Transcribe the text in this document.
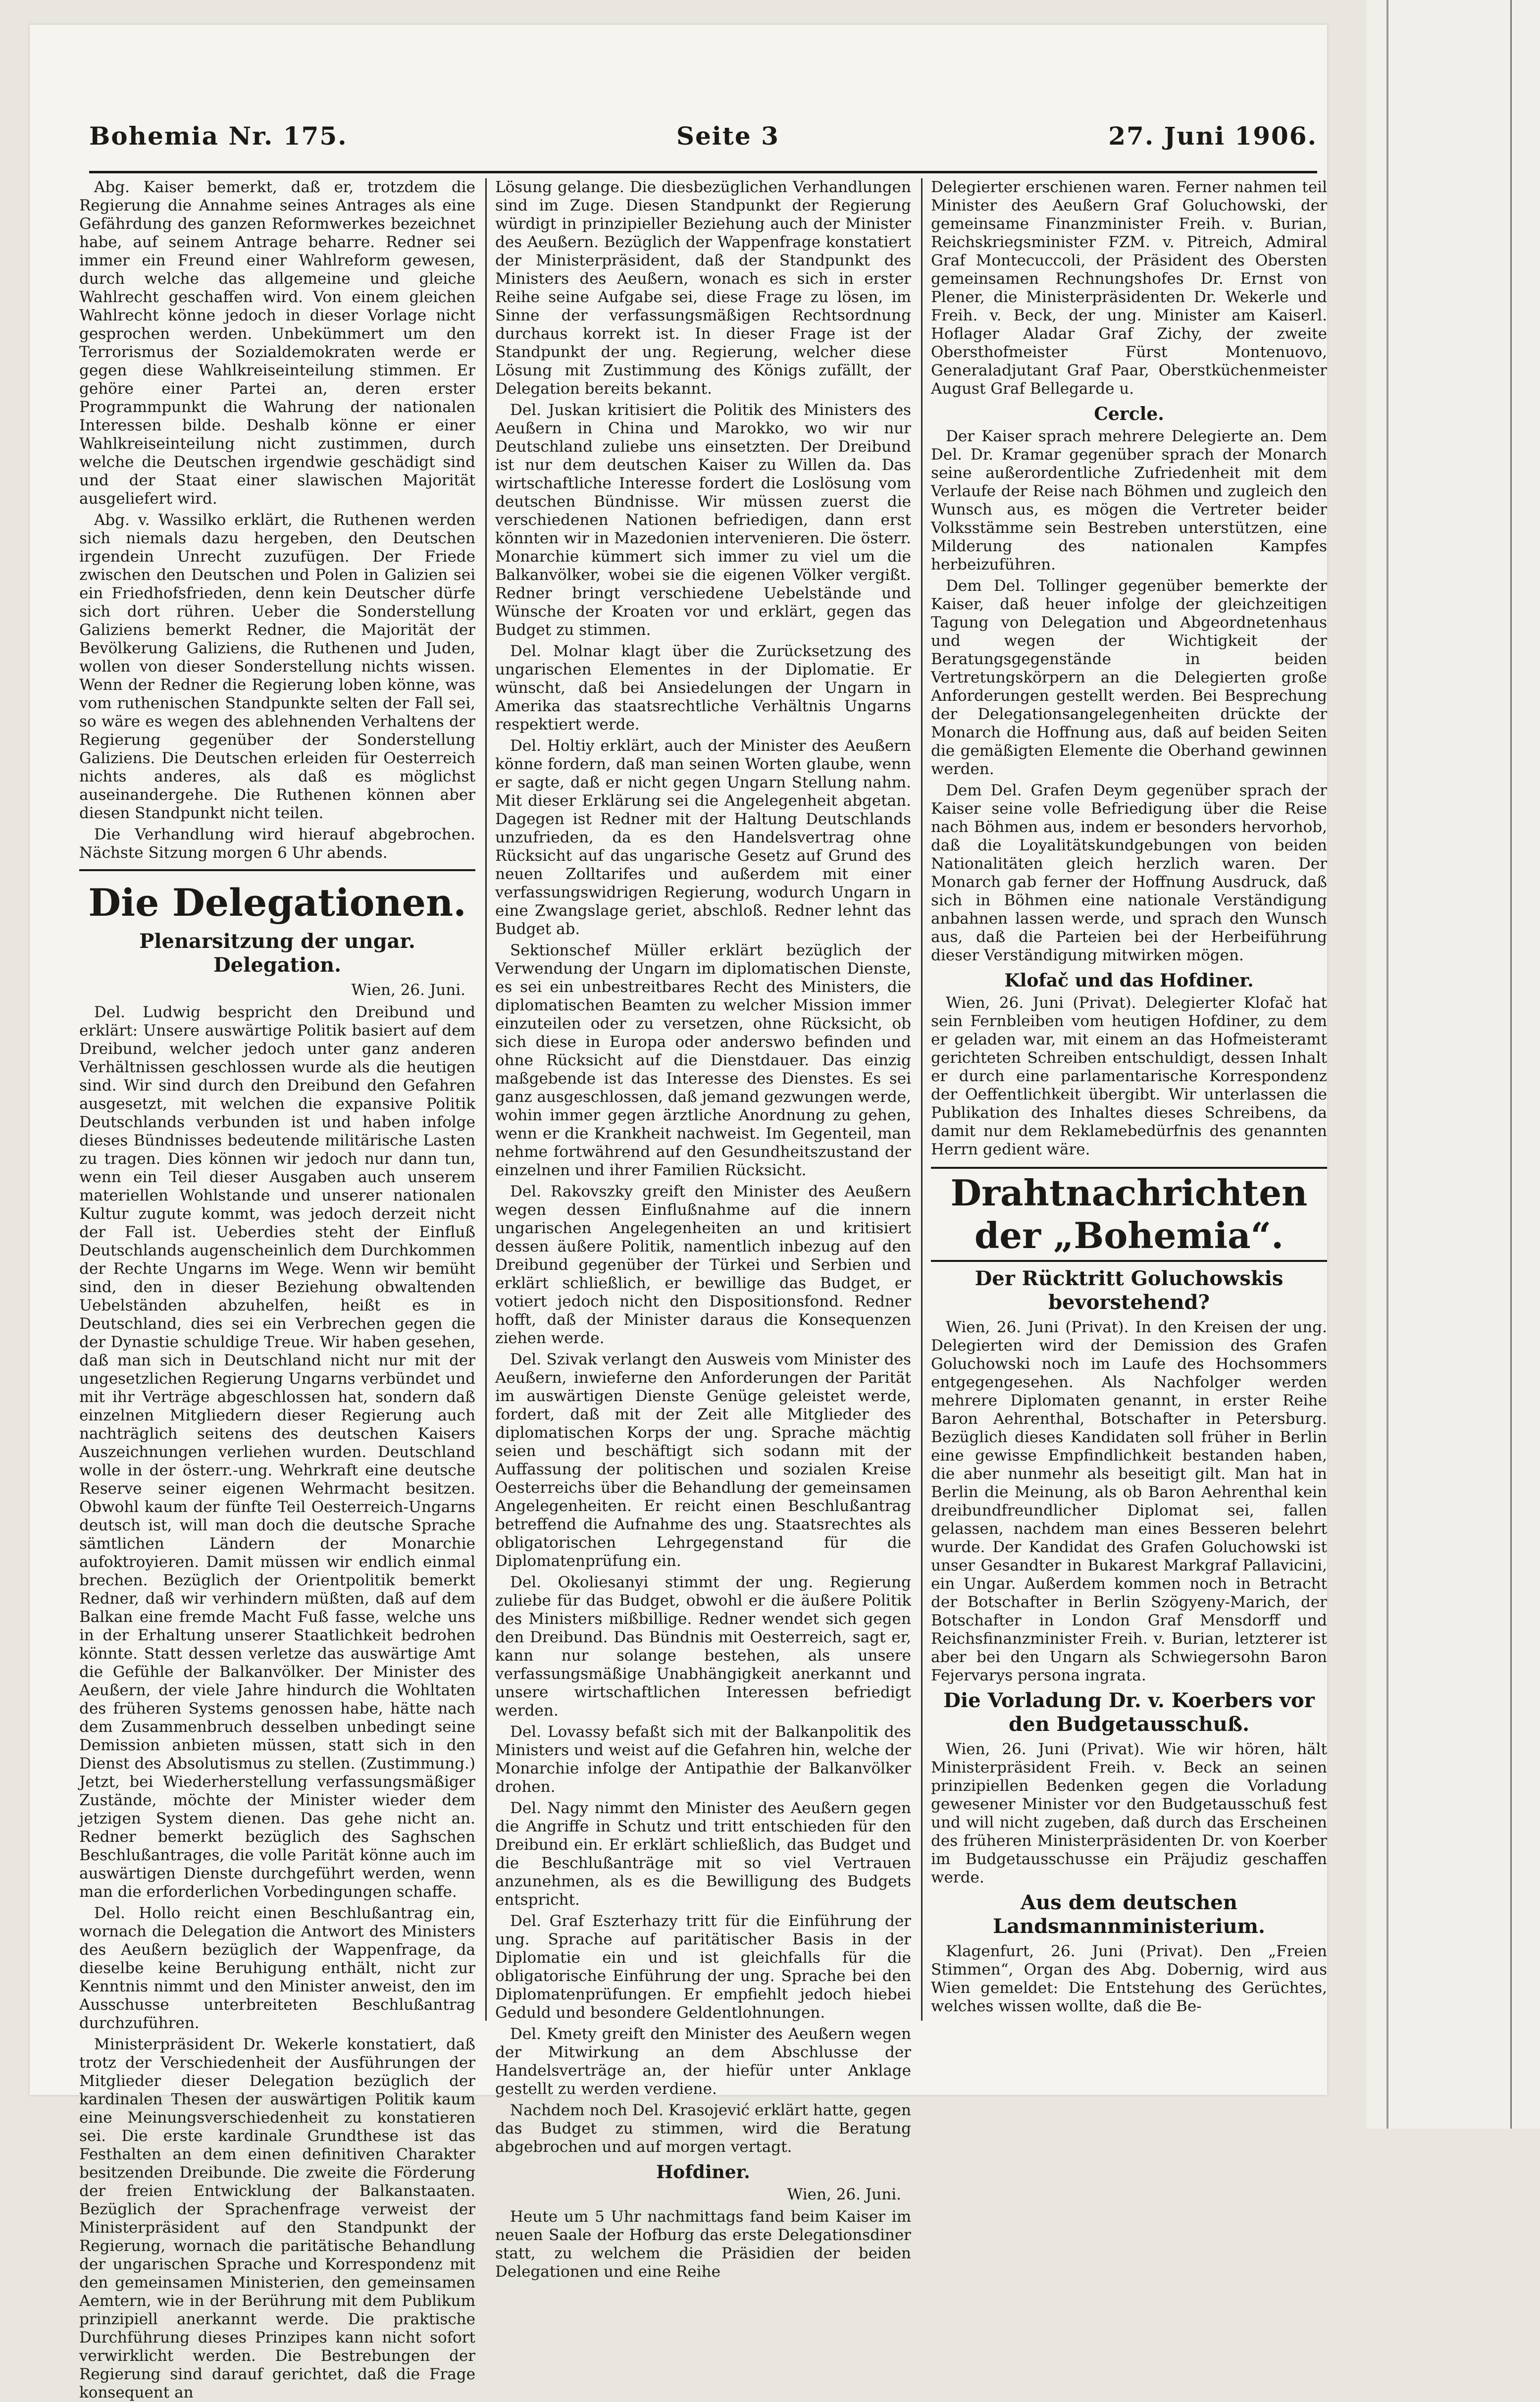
Bohemia Nr. 175.	Seite 3	27. Juni 1906.

Abg. Kaiser bemerkt, daß er, trotzdem die Regierung die Annahme seines Antrages als eine Gefährdung des ganzen Reformwerkes bezeichnet habe, auf seinem Antrage beharre. Redner sei immer ein Freund einer Wahlreform gewesen, durch welche das allgemeine und gleiche Wahlrecht geschaffen wird. Von einem gleichen Wahlrecht könne jedoch in dieser Vorlage nicht gesprochen werden. Unbekümmert um den Terrorismus der Sozialdemokraten werde er gegen diese Wahlkreiseinteilung stimmen. Er gehöre einer Partei an, deren erster Programmpunkt die Wahrung der nationalen Interessen bilde. Deshalb könne er einer Wahlkreiseinteilung nicht zustimmen, durch welche die Deutschen irgendwie geschädigt sind und der Staat einer slawischen Majorität ausgeliefert wird.

Abg. v. Wassilko erklärt, die Ruthenen werden sich niemals dazu hergeben, den Deutschen irgendein Unrecht zuzufügen. Der Friede zwischen den Deutschen und Polen in Galizien sei ein Friedhofsfrieden, denn kein Deutscher dürfe sich dort rühren. Ueber die Sonderstellung Galiziens bemerkt Redner, die Majorität der Bevölkerung Galiziens, die Ruthenen und Juden, wollen von dieser Sonderstellung nichts wissen. Wenn der Redner die Regierung loben könne, was vom ruthenischen Standpunkte selten der Fall sei, so wäre es wegen des ablehnenden Verhaltens der Regierung gegenüber der Sonderstellung Galiziens. Die Deutschen erleiden für Oesterreich nichts anderes, als daß es möglichst auseinandergehe. Die Ruthenen können aber diesen Standpunkt nicht teilen.

Die Verhandlung wird hierauf abgebrochen. Nächste Sitzung morgen 6 Uhr abends.

Die Delegationen.
Plenarsitzung der ungar. Delegation.
Wien, 26. Juni.

Del. Ludwig bespricht den Dreibund und erklärt: Unsere auswärtige Politik basiert auf dem Dreibund, welcher jedoch unter ganz anderen Verhältnissen geschlossen wurde als die heutigen sind. Wir sind durch den Dreibund den Gefahren ausgesetzt, mit welchen die expansive Politik Deutschlands verbunden ist und haben infolge dieses Bündnisses bedeutende militärische Lasten zu tragen. Dies können wir jedoch nur dann tun, wenn ein Teil dieser Ausgaben auch unserem materiellen Wohlstande und unserer nationalen Kultur zugute kommt, was jedoch derzeit nicht der Fall ist. Ueberdies steht der Einfluß Deutschlands augenscheinlich dem Durchkommen der Rechte Ungarns im Wege. Wenn wir bemüht sind, den in dieser Beziehung obwaltenden Uebelständen abzuhelfen, heißt es in Deutschland, dies sei ein Verbrechen gegen die der Dynastie schuldige Treue. Wir haben gesehen, daß man sich in Deutschland nicht nur mit der ungesetzlichen Regierung Ungarns verbündet und mit ihr Verträge abgeschlossen hat, sondern daß einzelnen Mitgliedern dieser Regierung auch nachträglich seitens des deutschen Kaisers Auszeichnungen verliehen wurden. Deutschland wolle in der österr.-ung. Wehrkraft eine deutsche Reserve seiner eigenen Wehrmacht besitzen. Obwohl kaum der fünfte Teil Oesterreich-Ungarns deutsch ist, will man doch die deutsche Sprache sämtlichen Ländern der Monarchie aufoktroyieren. Damit müssen wir endlich einmal brechen. Bezüglich der Orientpolitik bemerkt Redner, daß wir verhindern müßten, daß auf dem Balkan eine fremde Macht Fuß fasse, welche uns in der Erhaltung unserer Staatlichkeit bedrohen könnte. Statt dessen verletze das auswärtige Amt die Gefühle der Balkanvölker. Der Minister des Aeußern, der viele Jahre hindurch die Wohltaten des früheren Systems genossen habe, hätte nach dem Zusammenbruch desselben unbedingt seine Demission anbieten müssen, statt sich in den Dienst des Absolutismus zu stellen. (Zustimmung.) Jetzt, bei Wiederherstellung verfassungsmäßiger Zustände, möchte der Minister wieder dem jetzigen System dienen. Das gehe nicht an. Redner bemerkt bezüglich des Saghschen Beschlußantrages, die volle Parität könne auch im auswärtigen Dienste durchgeführt werden, wenn man die erforderlichen Vorbedingungen schaffe.

Del. Hollo reicht einen Beschlußantrag ein, wornach die Delegation die Antwort des Ministers des Aeußern bezüglich der Wappenfrage, da dieselbe keine Beruhigung enthält, nicht zur Kenntnis nimmt und den Minister anweist, den im Ausschusse unterbreiteten Beschlußantrag durchzuführen.

Ministerpräsident Dr. Wekerle konstatiert, daß trotz der Verschiedenheit der Ausführungen der Mitglieder dieser Delegation bezüglich der kardinalen Thesen der auswärtigen Politik kaum eine Meinungsverschiedenheit zu konstatieren sei. Die erste kardinale Grundthese ist das Festhalten an dem einen definitiven Charakter besitzenden Dreibunde. Die zweite die Förderung der freien Entwicklung der Balkanstaaten. Bezüglich der Sprachenfrage verweist der Ministerpräsident auf den Standpunkt der Regierung, wornach die paritätische Behandlung der ungarischen Sprache und Korrespondenz mit den gemeinsamen Ministerien, den gemeinsamen Aemtern, wie in der Berührung mit dem Publikum prinzipiell anerkannt werde. Die praktische Durchführung dieses Prinzipes kann nicht sofort verwirklicht werden. Die Bestrebungen der Regierung sind darauf gerichtet, daß die Frage konsequent an

Lösung gelange. Die diesbezüglichen Verhandlungen sind im Zuge. Diesen Standpunkt der Regierung würdigt in prinzipieller Beziehung auch der Minister des Aeußern. Bezüglich der Wappenfrage konstatiert der Ministerpräsident, daß der Standpunkt des Ministers des Aeußern, wonach es sich in erster Reihe seine Aufgabe sei, diese Frage zu lösen, im Sinne der verfassungsmäßigen Rechtsordnung durchaus korrekt ist. In dieser Frage ist der Standpunkt der ung. Regierung, welcher diese Lösung mit Zustimmung des Königs zufällt, der Delegation bereits bekannt.

Del. Juskan kritisiert die Politik des Ministers des Aeußern in China und Marokko, wo wir nur Deutschland zuliebe uns einsetzten. Der Dreibund ist nur dem deutschen Kaiser zu Willen da. Das wirtschaftliche Interesse fordert die Loslösung vom deutschen Bündnisse. Wir müssen zuerst die verschiedenen Nationen befriedigen, dann erst könnten wir in Mazedonien intervenieren. Die österr. Monarchie kümmert sich immer zu viel um die Balkanvölker, wobei sie die eigenen Völker vergißt. Redner bringt verschiedene Uebelstände und Wünsche der Kroaten vor und erklärt, gegen das Budget zu stimmen.

Del. Molnar klagt über die Zurücksetzung des ungarischen Elementes in der Diplomatie. Er wünscht, daß bei Ansiedelungen der Ungarn in Amerika das staatsrechtliche Verhältnis Ungarns respektiert werde.

Del. Holtiy erklärt, auch der Minister des Aeußern könne fordern, daß man seinen Worten glaube, wenn er sagte, daß er nicht gegen Ungarn Stellung nahm. Mit dieser Erklärung sei die Angelegenheit abgetan. Dagegen ist Redner mit der Haltung Deutschlands unzufrieden, da es den Handelsvertrag ohne Rücksicht auf das ungarische Gesetz auf Grund des neuen Zolltarifes und außerdem mit einer verfassungswidrigen Regierung, wodurch Ungarn in eine Zwangslage geriet, abschloß. Redner lehnt das Budget ab.

Sektionschef Müller erklärt bezüglich der Verwendung der Ungarn im diplomatischen Dienste, es sei ein unbestreitbares Recht des Ministers, die diplomatischen Beamten zu welcher Mission immer einzuteilen oder zu versetzen, ohne Rücksicht, ob sich diese in Europa oder anderswo befinden und ohne Rücksicht auf die Dienstdauer. Das einzig maßgebende ist das Interesse des Dienstes. Es sei ganz ausgeschlossen, daß jemand gezwungen werde, wohin immer gegen ärztliche Anordnung zu gehen, wenn er die Krankheit nachweist. Im Gegenteil, man nehme fortwährend auf den Gesundheitszustand der einzelnen und ihrer Familien Rücksicht.

Del. Rakovszky greift den Minister des Aeußern wegen dessen Einflußnahme auf die innern ungarischen Angelegenheiten an und kritisiert dessen äußere Politik, namentlich inbezug auf den Dreibund gegenüber der Türkei und Serbien und erklärt schließlich, er bewillige das Budget, er votiert jedoch nicht den Dispositionsfond. Redner hofft, daß der Minister daraus die Konsequenzen ziehen werde.

Del. Szivak verlangt den Ausweis vom Minister des Aeußern, inwieferne den Anforderungen der Parität im auswärtigen Dienste Genüge geleistet werde, fordert, daß mit der Zeit alle Mitglieder des diplomatischen Korps der ung. Sprache mächtig seien und beschäftigt sich sodann mit der Auffassung der politischen und sozialen Kreise Oesterreichs über die Behandlung der gemeinsamen Angelegenheiten. Er reicht einen Beschlußantrag betreffend die Aufnahme des ung. Staatsrechtes als obligatorischen Lehrgegenstand für die Diplomatenprüfung ein.

Del. Okoliesanyi stimmt der ung. Regierung zuliebe für das Budget, obwohl er die äußere Politik des Ministers mißbillige. Redner wendet sich gegen den Dreibund. Das Bündnis mit Oesterreich, sagt er, kann nur solange bestehen, als unsere verfassungsmäßige Unabhängigkeit anerkannt und unsere wirtschaftlichen Interessen befriedigt werden.

Del. Lovassy befaßt sich mit der Balkanpolitik des Ministers und weist auf die Gefahren hin, welche der Monarchie infolge der Antipathie der Balkanvölker drohen.

Del. Nagy nimmt den Minister des Aeußern gegen die Angriffe in Schutz und tritt entschieden für den Dreibund ein. Er erklärt schließlich, das Budget und die Beschlußanträge mit so viel Vertrauen anzunehmen, als es die Bewilligung des Budgets entspricht.

Del. Graf Eszterhazy tritt für die Einführung der ung. Sprache auf paritätischer Basis in der Diplomatie ein und ist gleichfalls für die obligatorische Einführung der ung. Sprache bei den Diplomatenprüfungen. Er empfiehlt jedoch hiebei Geduld und besondere Geldentlohnungen.

Del. Kmety greift den Minister des Aeußern wegen der Mitwirkung an dem Abschlusse der Handelsverträge an, der hiefür unter Anklage gestellt zu werden verdiene.

Nachdem noch Del. Krasojević erklärt hatte, gegen das Budget zu stimmen, wird die Beratung abgebrochen und auf morgen vertagt.

Hofdiner.
Wien, 26. Juni.

Heute um 5 Uhr nachmittags fand beim Kaiser im neuen Saale der Hofburg das erste Delegationsdiner statt, zu welchem die Präsidien der beiden Delegationen und eine Reihe

Delegierter erschienen waren. Ferner nahmen teil Minister des Aeußern Graf Goluchowski, der gemeinsame Finanzminister Freih. v. Burian, Reichskriegsminister FZM. v. Pitreich, Admiral Graf Montecuccoli, der Präsident des Obersten gemeinsamen Rechnungshofes Dr. Ernst von Plener, die Ministerpräsidenten Dr. Wekerle und Freih. v. Beck, der ung. Minister am Kaiserl. Hoflager Aladar Graf Zichy, der zweite Obersthofmeister Fürst Montenuovo, Generaladjutant Graf Paar, Oberstküchenmeister August Graf Bellegarde u.

Cercle.

Der Kaiser sprach mehrere Delegierte an. Dem Del. Dr. Kramar gegenüber sprach der Monarch seine außerordentliche Zufriedenheit mit dem Verlaufe der Reise nach Böhmen und zugleich den Wunsch aus, es mögen die Vertreter beider Volksstämme sein Bestreben unterstützen, eine Milderung des nationalen Kampfes herbeizuführen.

Dem Del. Tollinger gegenüber bemerkte der Kaiser, daß heuer infolge der gleichzeitigen Tagung von Delegation und Abgeordnetenhaus und wegen der Wichtigkeit der Beratungsgegenstände in beiden Vertretungskörpern an die Delegierten große Anforderungen gestellt werden. Bei Besprechung der Delegationsangelegenheiten drückte der Monarch die Hoffnung aus, daß auf beiden Seiten die gemäßigten Elemente die Oberhand gewinnen werden.

Dem Del. Grafen Deym gegenüber sprach der Kaiser seine volle Befriedigung über die Reise nach Böhmen aus, indem er besonders hervorhob, daß die Loyalitätskundgebungen von beiden Nationalitäten gleich herzlich waren. Der Monarch gab ferner der Hoffnung Ausdruck, daß sich in Böhmen eine nationale Verständigung anbahnen lassen werde, und sprach den Wunsch aus, daß die Parteien bei der Herbeiführung dieser Verständigung mitwirken mögen.

Klofač und das Hofdiner.

Wien, 26. Juni (Privat). Delegierter Klofač hat sein Fernbleiben vom heutigen Hofdiner, zu dem er geladen war, mit einem an das Hofmeisteramt gerichteten Schreiben entschuldigt, dessen Inhalt er durch eine parlamentarische Korrespondenz der Oeffentlichkeit übergibt. Wir unterlassen die Publikation des Inhaltes dieses Schreibens, da damit nur dem Reklamebedürfnis des genannten Herrn gedient wäre.

Drahtnachrichten der „Bohemia“.
Der Rücktritt Goluchowskis bevorstehend?

Wien, 26. Juni (Privat). In den Kreisen der ung. Delegierten wird der Demission des Grafen Goluchowski noch im Laufe des Hochsommers entgegengesehen. Als Nachfolger werden mehrere Diplomaten genannt, in erster Reihe Baron Aehrenthal, Botschafter in Petersburg. Bezüglich dieses Kandidaten soll früher in Berlin eine gewisse Empfindlichkeit bestanden haben, die aber nunmehr als beseitigt gilt. Man hat in Berlin die Meinung, als ob Baron Aehrenthal kein dreibundfreundlicher Diplomat sei, fallen gelassen, nachdem man eines Besseren belehrt wurde. Der Kandidat des Grafen Goluchowski ist unser Gesandter in Bukarest Markgraf Pallavicini, ein Ungar. Außerdem kommen noch in Betracht der Botschafter in Berlin Szögyeny-Marich, der Botschafter in London Graf Mensdorff und Reichsfinanzminister Freih. v. Burian, letzterer ist aber bei den Ungarn als Schwiegersohn Baron Fejervarys persona ingrata.

Die Vorladung Dr. v. Koerbers vor den Budgetausschuß.

Wien, 26. Juni (Privat). Wie wir hören, hält Ministerpräsident Freih. v. Beck an seinen prinzipiellen Bedenken gegen die Vorladung gewesener Minister vor den Budgetausschuß fest und will nicht zugeben, daß durch das Erscheinen des früheren Ministerpräsidenten Dr. von Koerber im Budgetausschusse ein Präjudiz geschaffen werde.

Aus dem deutschen Landsmannministerium.

Klagenfurt, 26. Juni (Privat). Den „Freien Stimmen“, Organ des Abg. Dobernig, wird aus Wien gemeldet: Die Entstehung des Gerüchtes, welches wissen wollte, daß die Be-
